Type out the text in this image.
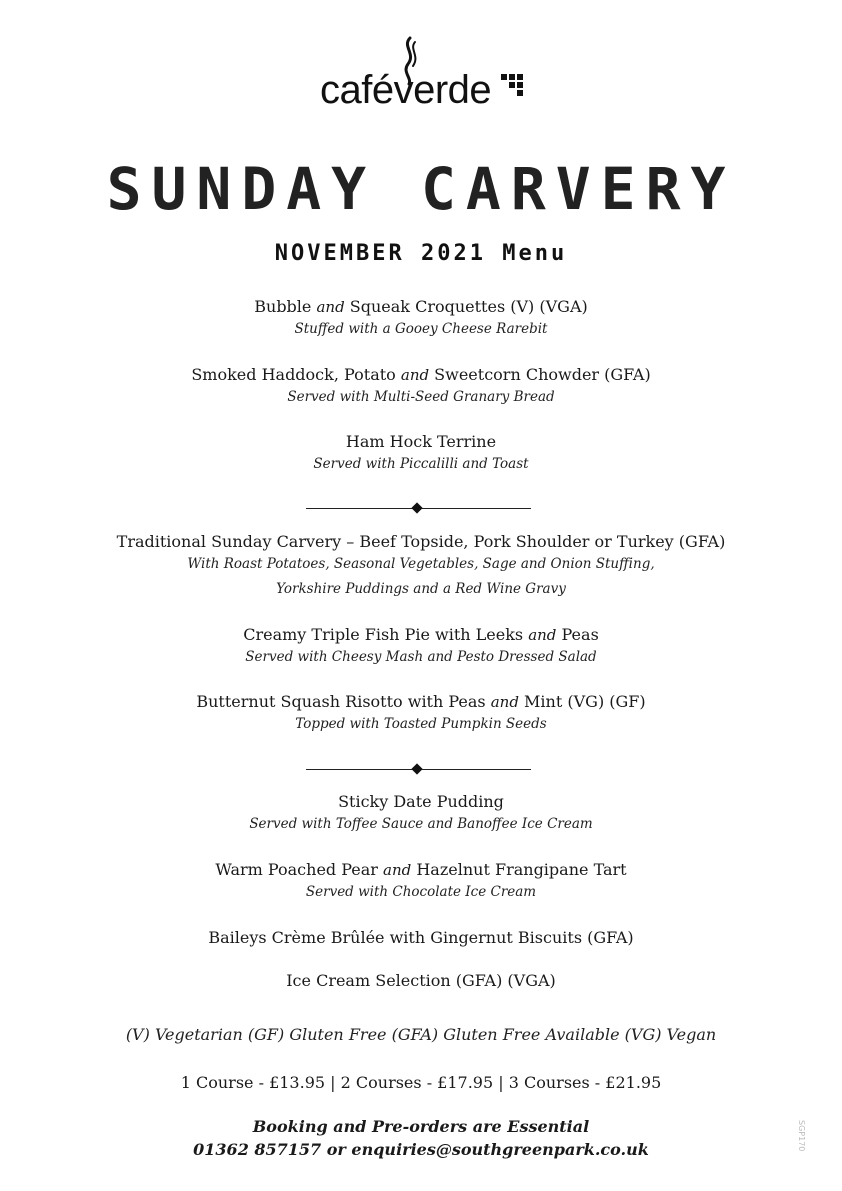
caféverde
SUNDAY CARVERY
NOVEMBER 2021 Menu
Bubble and Squeak Croquettes (V) (VGA)
Stuffed with a Gooey Cheese Rarebit
Smoked Haddock, Potato and Sweetcorn Chowder (GFA)
Served with Multi-Seed Granary Bread
Ham Hock Terrine
Served with Piccalilli and Toast
Traditional Sunday Carvery – Beef Topside, Pork Shoulder or Turkey (GFA)
With Roast Potatoes, Seasonal Vegetables, Sage and Onion Stuffing,
Yorkshire Puddings and a Red Wine Gravy
Creamy Triple Fish Pie with Leeks and Peas
Served with Cheesy Mash and Pesto Dressed Salad
Butternut Squash Risotto with Peas and Mint (VG) (GF)
Topped with Toasted Pumpkin Seeds
Sticky Date Pudding
Served with Toffee Sauce and Banoffee Ice Cream
Warm Poached Pear and Hazelnut Frangipane Tart
Served with Chocolate Ice Cream
Baileys Crème Brûlée with Gingernut Biscuits (GFA)
Ice Cream Selection (GFA) (VGA)
(V) Vegetarian (GF) Gluten Free (GFA) Gluten Free Available (VG) Vegan
1 Course - £13.95 | 2 Courses - £17.95 | 3 Courses - £21.95
Booking and Pre-orders are Essential
01362 857157 or enquiries@southgreenpark.co.uk	SGP170
